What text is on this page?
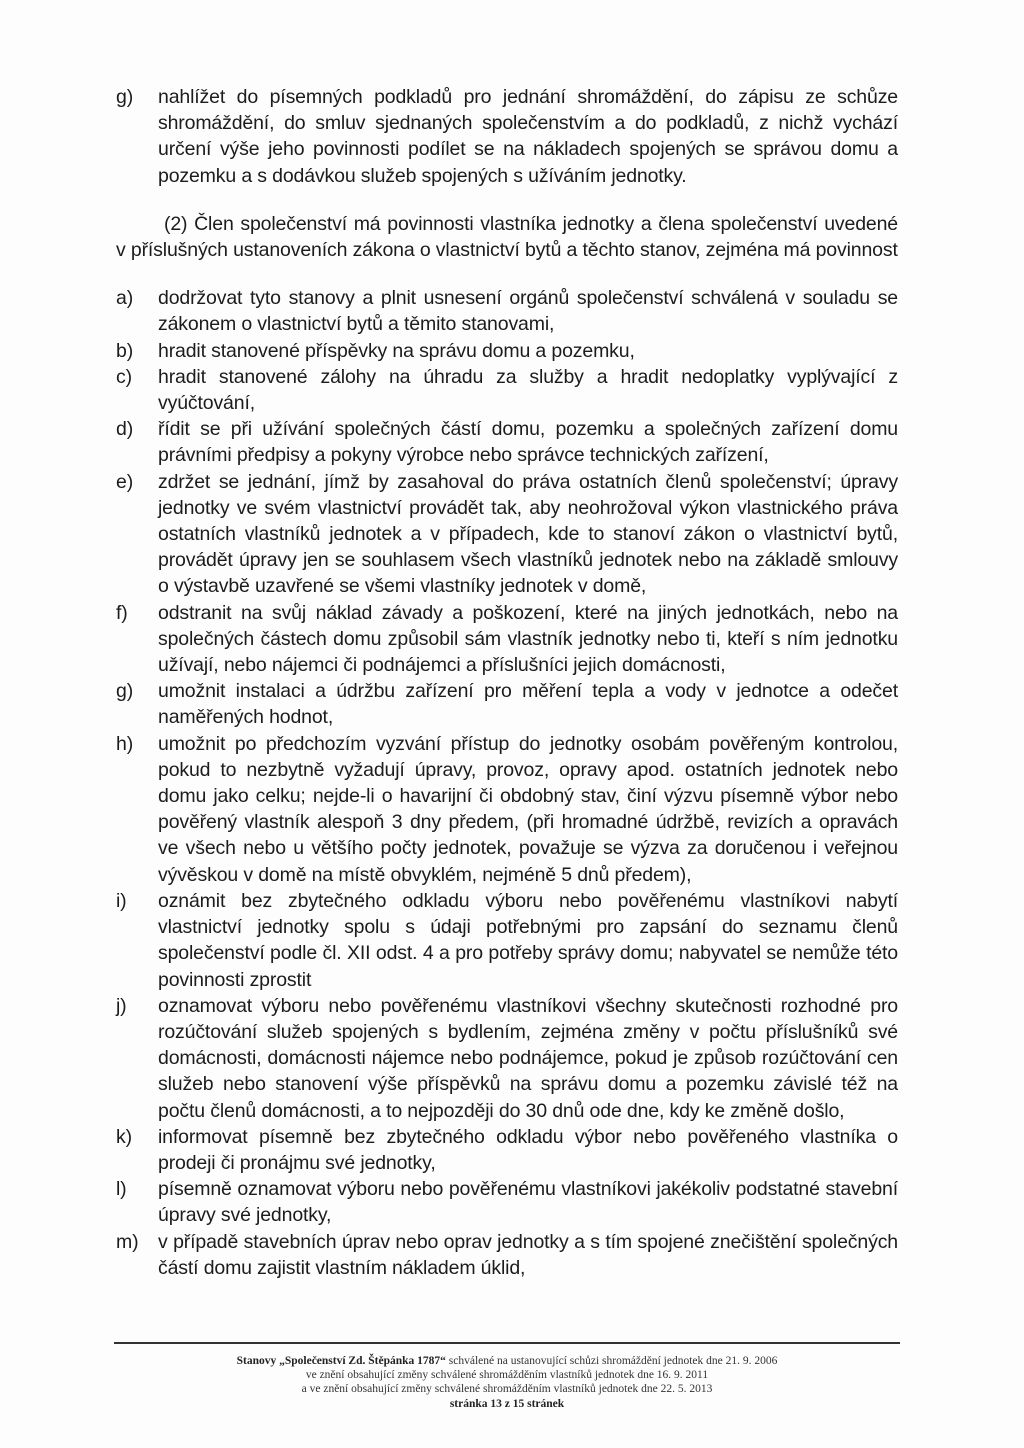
g)	nahlížet do písemných podkladů pro jednání shromáždění, do zápisu ze schůze shromáždění, do smluv sjednaných společenstvím a do podkladů, z nichž vychází určení výše jeho povinnosti podílet se na nákladech spojených se správou domu a pozemku a s dodávkou služeb spojených s užíváním jednotky.

(2) Člen společenství má povinnosti vlastníka jednotky a člena společenství uvedené v příslušných ustanoveních zákona o vlastnictví bytů a těchto stanov, zejména má povinnost

a)	dodržovat tyto stanovy a plnit usnesení orgánů společenství schválená v souladu se zákonem o vlastnictví bytů a těmito stanovami,
b)	hradit stanovené příspěvky na správu domu a pozemku,
c)	hradit stanovené zálohy na úhradu za služby a hradit nedoplatky vyplývající z vyúčtování,
d)	řídit se při užívání společných částí domu, pozemku a společných zařízení domu právními předpisy a pokyny výrobce nebo správce technických zařízení,
e)	zdržet se jednání, jímž by zasahoval do práva ostatních členů společenství; úpravy jednotky ve svém vlastnictví provádět tak, aby neohrožoval výkon vlastnického práva ostatních vlastníků jednotek a v případech, kde to stanoví zákon o vlastnictví bytů, provádět úpravy jen se souhlasem všech vlastníků jednotek nebo na základě smlouvy o výstavbě uzavřené se všemi vlastníky jednotek v domě,
f)	odstranit na svůj náklad závady a poškození, které na jiných jednotkách, nebo na společných částech domu způsobil sám vlastník jednotky nebo ti, kteří s ním jednotku užívají, nebo nájemci či podnájemci a příslušníci jejich domácnosti,
g)	umožnit instalaci a údržbu zařízení pro měření tepla a vody v jednotce a odečet naměřených hodnot,
h)	umožnit po předchozím vyzvání přístup do jednotky osobám pověřeným kontrolou, pokud to nezbytně vyžadují úpravy, provoz, opravy apod. ostatních jednotek nebo domu jako celku; nejde-li o havarijní či obdobný stav, činí výzvu písemně výbor nebo pověřený vlastník alespoň 3 dny předem, (při hromadné údržbě, revizích a opravách ve všech nebo u většího počty jednotek, považuje se výzva za doručenou i veřejnou vývěskou v domě na místě obvyklém, nejméně 5 dnů předem),
i)	oznámit bez zbytečného odkladu výboru nebo pověřenému vlastníkovi nabytí vlastnictví jednotky spolu s údaji potřebnými pro zapsání do seznamu členů společenství podle čl. XII odst. 4 a pro potřeby správy domu; nabyvatel se nemůže této povinnosti zprostit
j)	oznamovat výboru nebo pověřenému vlastníkovi všechny skutečnosti rozhodné pro rozúčtování služeb spojených s bydlením, zejména změny v počtu příslušníků své domácnosti, domácnosti nájemce nebo podnájemce, pokud je způsob rozúčtování cen služeb nebo stanovení výše příspěvků na správu domu a pozemku závislé též na počtu členů domácnosti, a to nejpozději do 30 dnů ode dne, kdy ke změně došlo,
k)	informovat písemně bez zbytečného odkladu výbor nebo pověřeného vlastníka o prodeji či pronájmu své jednotky,
l)	písemně oznamovat výboru nebo pověřenému vlastníkovi jakékoliv podstatné stavební úpravy své jednotky,
m)	v případě stavebních úprav nebo oprav jednotky a s tím spojené znečištění společných částí domu zajistit vlastním nákladem úklid,
Stanovy „Společenství Zd. Štěpánka 1787“ schválené na ustanovující schůzi shromáždění jednotek dne 21. 9. 2006
ve znění obsahující změny schválené shromážděním vlastníků jednotek dne 16. 9. 2011
a ve znění obsahující změny schválené shromážděním vlastníků jednotek dne 22. 5. 2013
stránka 13 z 15 stránek
